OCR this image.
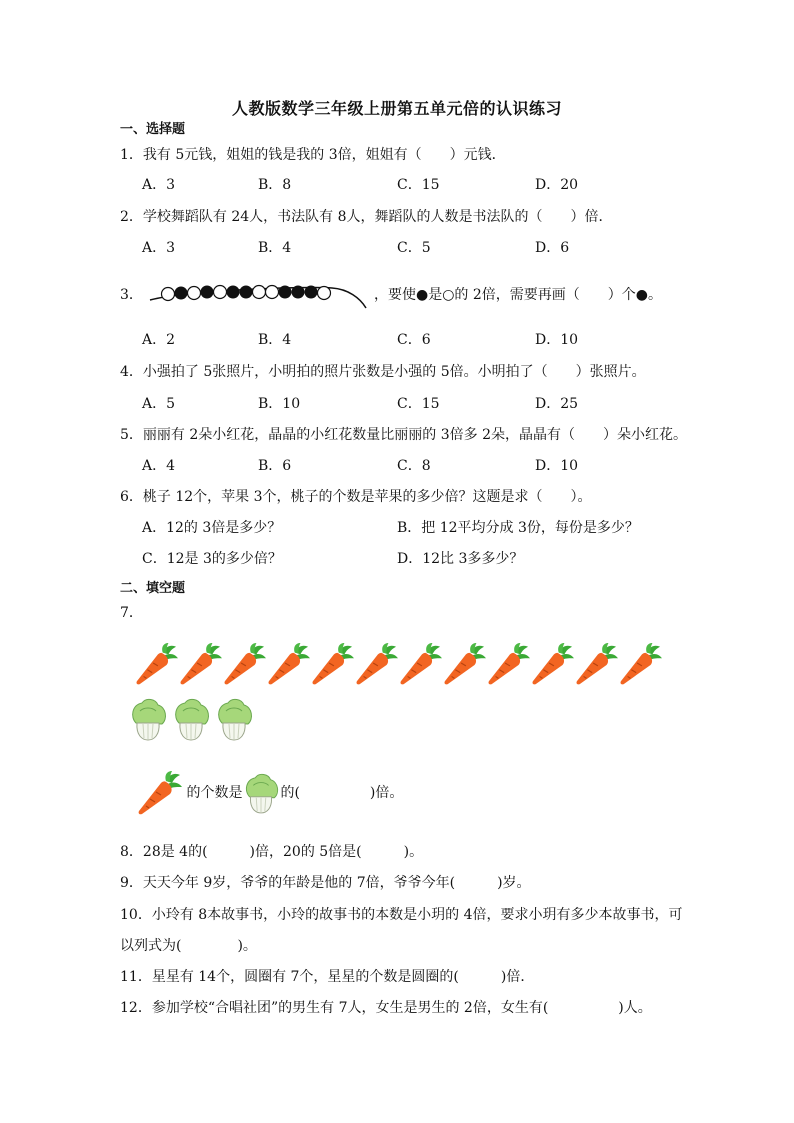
人教版数学三年级上册第五单元倍的认识练习
一、选择题
1．我有 5元钱，姐姐的钱是我的 3倍，姐姐有（　　）元钱．
A．3	B．8	C．15	D．20
2．学校舞蹈队有 24人，书法队有 8人，舞蹈队的人数是书法队的（　　）倍．
A．3	B．4	C．5	D．6
3．	，要使●是○的 2倍，需要再画（　　）个●。
A．2	B．4	C．6	D．10
4．小强拍了 5张照片，小明拍的照片张数是小强的 5倍。小明拍了（　　）张照片。
A．5	B．10	C．15	D．25
5．丽丽有 2朵小红花，晶晶的小红花数量比丽丽的 3倍多 2朵，晶晶有（　　）朵小红花。
A．4	B．6	C．8	D．10
6．桃子 12个，苹果 3个，桃子的个数是苹果的多少倍？这题是求（　　）。
A．12的 3倍是多少？	B．把 12平均分成 3份，每份是多少？
C．12是 3的多少倍？	D．12比 3多多少？
二、填空题
7．
的个数是	的(　　　　　)倍。
8．28是 4的(　　　)倍，20的 5倍是(　　　)。
9．天天今年 9岁，爷爷的年龄是他的 7倍，爷爷今年(　　　)岁。
10．小玲有 8本故事书，小玲的故事书的本数是小玥的 4倍，要求小玥有多少本故事书，可
以列式为(　　　　)。
11．星星有 14个，圆圈有 7个，星星的个数是圆圈的(　　　)倍．
12．参加学校“合唱社团”的男生有 7人，女生是男生的 2倍，女生有(　　　　　)人。
